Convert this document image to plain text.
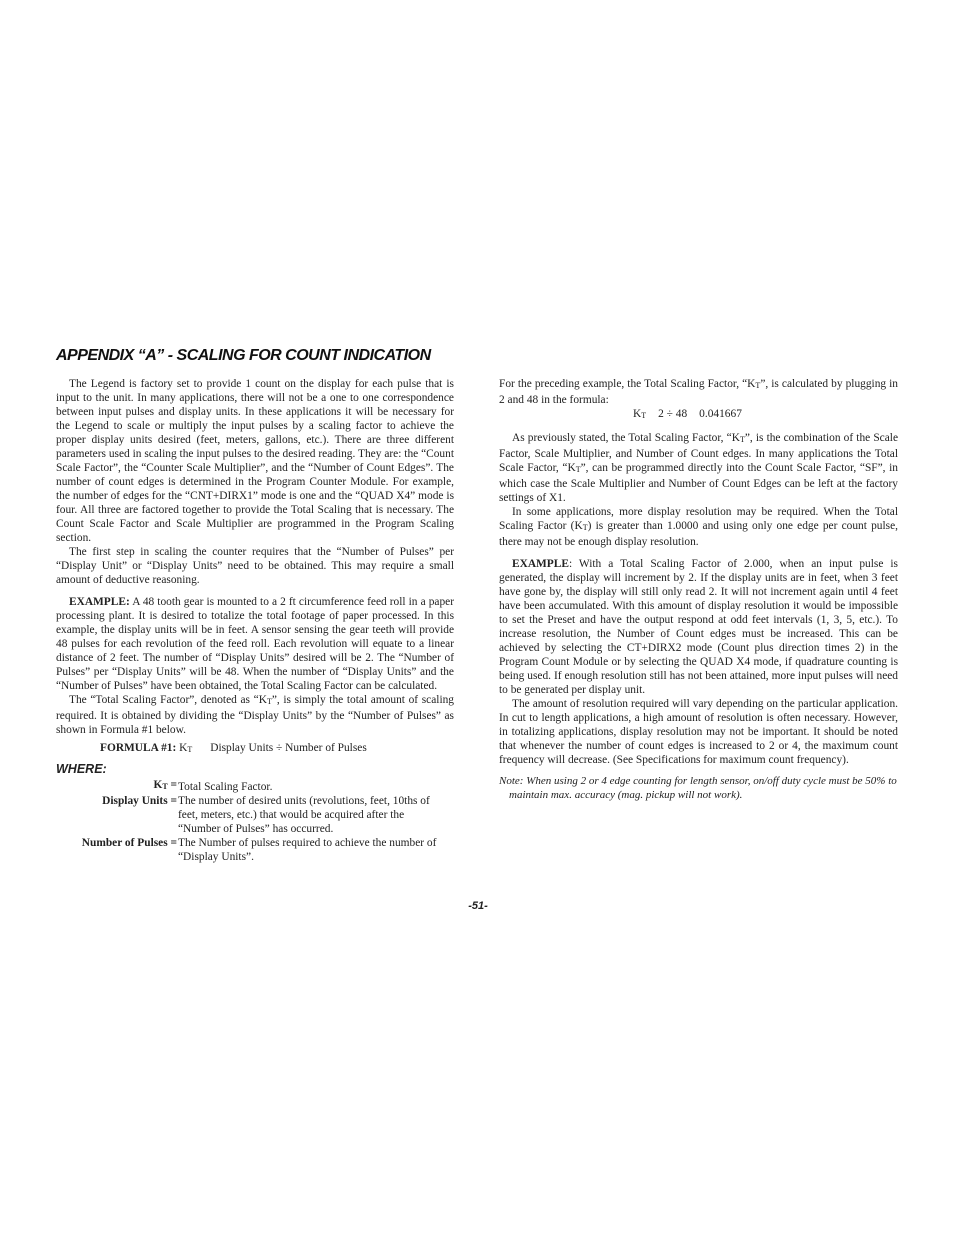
APPENDIX “A” - SCALING FOR COUNT INDICATION

The Legend is factory set to provide 1 count on the display for each pulse that is input to the unit. In many applications, there will not be a one to one correspondence between input pulses and display units. In these applications it will be necessary for the Legend to scale or multiply the input pulses by a scaling factor to achieve the proper display units desired (feet, meters, gallons, etc.). There are three different parameters used in scaling the input pulses to the desired reading. They are: the “Count Scale Factor”, the “Counter Scale Multiplier”, and the “Number of Count Edges”. The number of count edges is determined in the Program Counter Module. For example, the number of edges for the “CNT+DIRX1” mode is one and the “QUAD X4” mode is four. All three are factored together to provide the Total Scaling that is necessary. The Count Scale Factor and Scale Multiplier are programmed in the Program Scaling section.

The first step in scaling the counter requires that the “Number of Pulses” per “Display Unit” or “Display Units” need to be obtained. This may require a small amount of deductive reasoning.

EXAMPLE: A 48 tooth gear is mounted to a 2 ft circumference feed roll in a paper processing plant. It is desired to totalize the total footage of paper processed. In this example, the display units will be in feet. A sensor sensing the gear teeth will provide 48 pulses for each revolution of the feed roll. Each revolution will equate to a linear distance of 2 feet. The number of “Display Units” desired will be 2. The “Number of Pulses” per “Display Units” will be 48. When the number of “Display Units” and the “Number of Pulses” have been obtained, the Total Scaling Factor can be calculated.

The “Total Scaling Factor”, denoted as “$K_T$”, is simply the total amount of scaling required. It is obtained by dividing the “Display Units” by the “Number of Pulses” as shown in Formula #1 below.

FORMULA #1: $K_T$ Display Units ÷ Number of Pulses
WHERE:
$K_T$ = Total Scaling Factor.
Display Units = The number of desired units (revolutions, feet, 10ths of feet, meters, etc.) that would be acquired after the “Number of Pulses” has occurred.
Number of Pulses = The Number of pulses required to achieve the number of “Display Units”.

For the preceding example, the Total Scaling Factor, “$K_T$”, is calculated by plugging in 2 and 48 in the formula:

$K_T$ 2 ÷ 48 0.041667

As previously stated, the Total Scaling Factor, “$K_T$”, is the combination of the Scale Factor, Scale Multiplier, and Number of Count edges. In many applications the Total Scale Factor, “$K_T$”, can be programmed directly into the Count Scale Factor, “SF”, in which case the Scale Multiplier and Number of Count Edges can be left at the factory settings of X1.

In some applications, more display resolution may be required. When the Total Scaling Factor $(K_T)$ is greater than 1.0000 and using only one edge per count pulse, there may not be enough display resolution.

EXAMPLE: With a Total Scaling Factor of 2.000, when an input pulse is generated, the display will increment by 2. If the display units are in feet, when 3 feet have gone by, the display will still only read 2. It will not increment again until 4 feet have been accumulated. With this amount of display resolution it would be impossible to set the Preset and have the output respond at odd feet intervals (1, 3, 5, etc.). To increase resolution, the Number of Count edges must be increased. This can be achieved by selecting the CT+DIRX2 mode (Count plus direction times 2) in the Program Count Module or by selecting the QUAD X4 mode, if quadrature counting is being used. If enough resolution still has not been attained, more input pulses will need to be generated per display unit.

The amount of resolution required will vary depending on the particular application. In cut to length applications, a high amount of resolution is often necessary. However, in totalizing applications, display resolution may not be important. It should be noted that whenever the number of count edges is increased to 2 or 4, the maximum count frequency will decrease. (See Specifications for maximum count frequency).

Note: When using 2 or 4 edge counting for length sensor, on/off duty cycle must be 50% to maintain max. accuracy (mag. pickup will not work).

-51-
